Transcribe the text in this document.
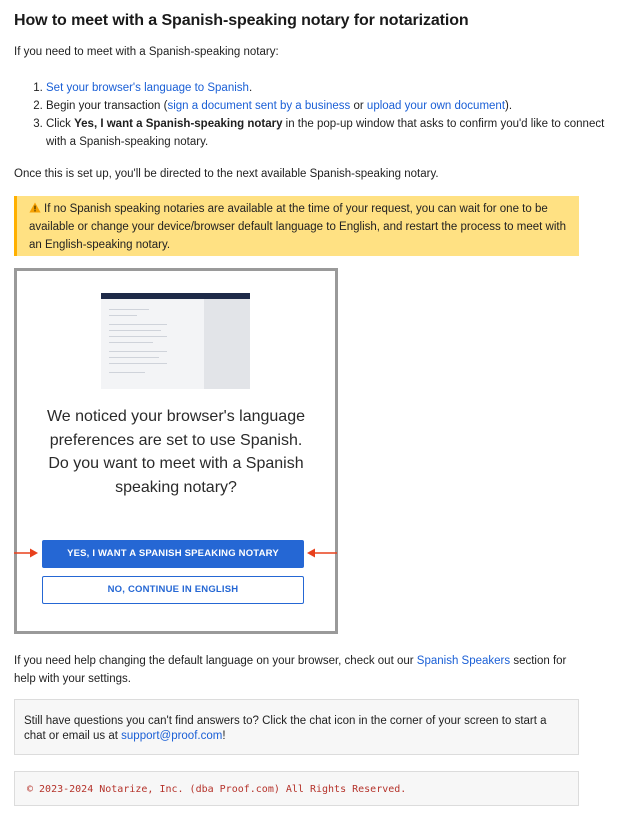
How to meet with a Spanish-speaking notary for notarization
If you need to meet with a Spanish-speaking notary:
1. Set your browser's language to Spanish.
2. Begin your transaction (sign a document sent by a business or upload your own document).
3. Click Yes, I want a Spanish-speaking notary in the pop-up window that asks to confirm you'd like to connect with a Spanish-speaking notary.
Once this is set up, you'll be directed to the next available Spanish-speaking notary.
If no Spanish speaking notaries are available at the time of your request, you can wait for one to be available or change your device/browser default language to English, and restart the process to meet with an English-speaking notary.
We noticed your browser's language preferences are set to use Spanish. Do you want to meet with a Spanish speaking notary?
YES, I WANT A SPANISH SPEAKING NOTARY
NO, CONTINUE IN ENGLISH
If you need help changing the default language on your browser, check out our Spanish Speakers section for help with your settings.
Still have questions you can't find answers to? Click the chat icon in the corner of your screen to start a chat or email us at support@proof.com!
© 2023-2024 Notarize, Inc. (dba Proof.com) All Rights Reserved.
